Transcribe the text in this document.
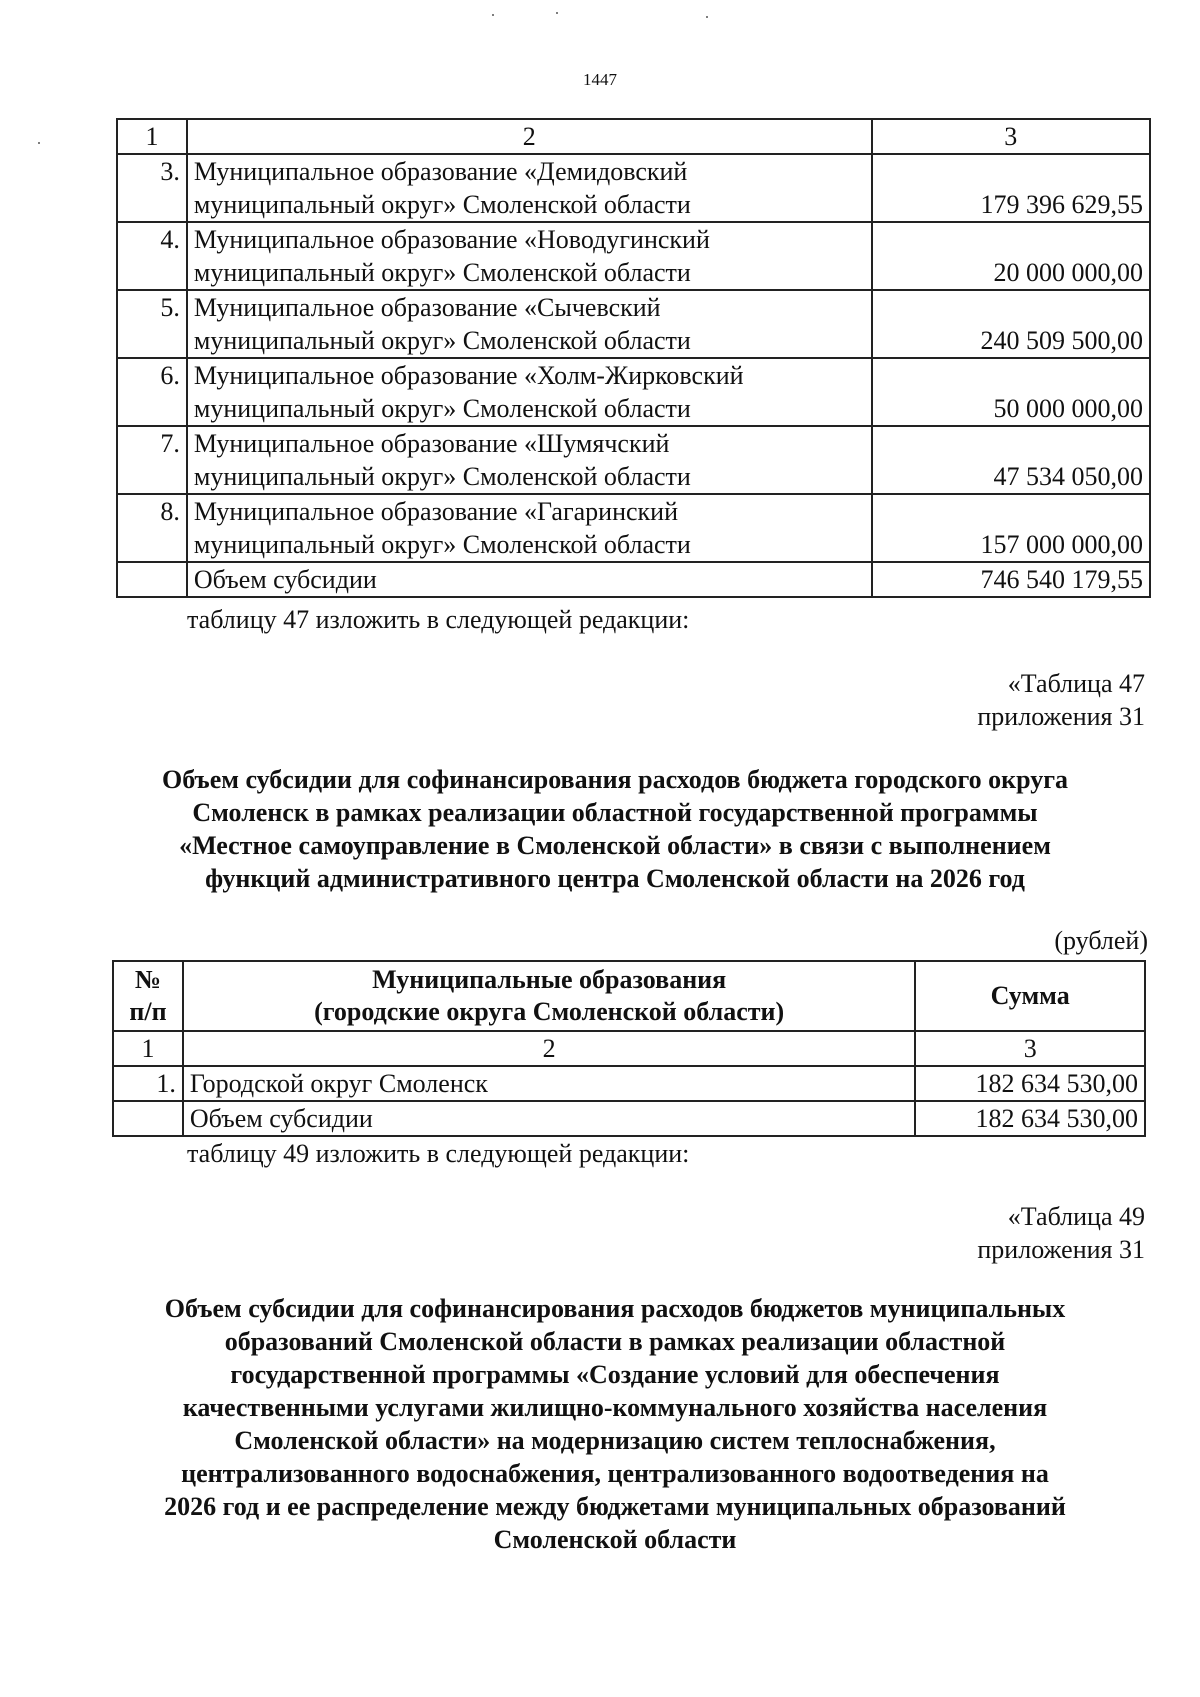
1447
1	2	3
3.	Муниципальное образование «Демидовский
муниципальный округ» Смоленской области	179 396 629,55
4.	Муниципальное образование «Новодугинский
муниципальный округ» Смоленской области	20 000 000,00
5.	Муниципальное образование «Сычевский
муниципальный округ» Смоленской области	240 509 500,00
6.	Муниципальное образование «Холм-Жирковский
муниципальный округ» Смоленской области	50 000 000,00
7.	Муниципальное образование «Шумячский
муниципальный округ» Смоленской области	47 534 050,00
8.	Муниципальное образование «Гагаринский
муниципальный округ» Смоленской области	157 000 000,00
	Объем субсидии	746 540 179,55
таблицу 47 изложить в следующей редакции:
«Таблица 47
приложения 31
Объем субсидии для софинансирования расходов бюджета городского округа
Смоленск в рамках реализации областной государственной программы
«Местное самоуправление в Смоленской области» в связи с выполнением
функций административного центра Смоленской области на 2026 год
(рублей)
№
п/п	Муниципальные образования
(городские округа Смоленской области)	Сумма
1	2	3
1.	Городской округ Смоленск	182 634 530,00
	Объем субсидии	182 634 530,00
таблицу 49 изложить в следующей редакции:
«Таблица 49
приложения 31
Объем субсидии для софинансирования расходов бюджетов муниципальных
образований Смоленской области в рамках реализации областной
государственной программы «Создание условий для обеспечения
качественными услугами жилищно-коммунального хозяйства населения
Смоленской области» на модернизацию систем теплоснабжения,
централизованного водоснабжения, централизованного водоотведения на
2026 год и ее распределение между бюджетами муниципальных образований
Смоленской области
